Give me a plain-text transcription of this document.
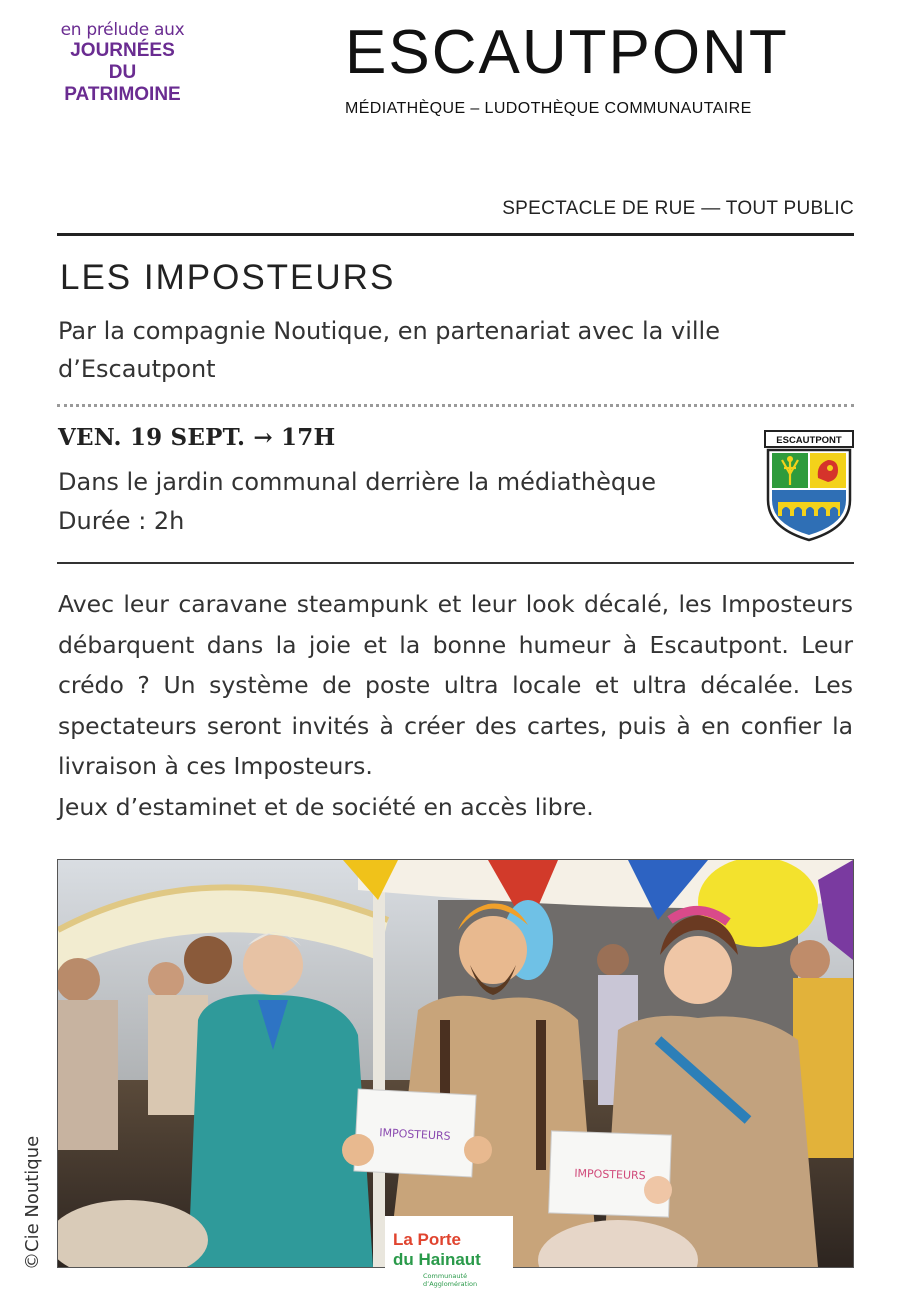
en prélude aux
JOURNÉES
DU
PATRIMOINE
ESCAUTPONT
MÉDIATHÈQUE – LUDOTHÈQUE COMMUNAUTAIRE
SPECTACLE DE RUE — TOUT PUBLIC
LES IMPOSTEURS
Par la compagnie Noutique, en partenariat avec la ville d’Escautpont
VEN. 19 SEPT. → 17H
Dans le jardin communal derrière la médiathèque
Durée : 2h
ESCAUTPONT

Avec leur caravane steampunk et leur look décalé, les Imposteurs débarquent dans la joie et la bonne humeur à Escautpont. Leur crédo ? Un système de poste ultra locale et ultra décalée. Les spectateurs seront invités à créer des cartes, puis à en confier la livraison à ces Imposteurs.

Jeux d’estaminet et de société en accès libre.

IMPOSTEURS
IMPOSTEURS
©Cie Noutique	La Porte
du Hainaut
Communauté
d’Agglomération
